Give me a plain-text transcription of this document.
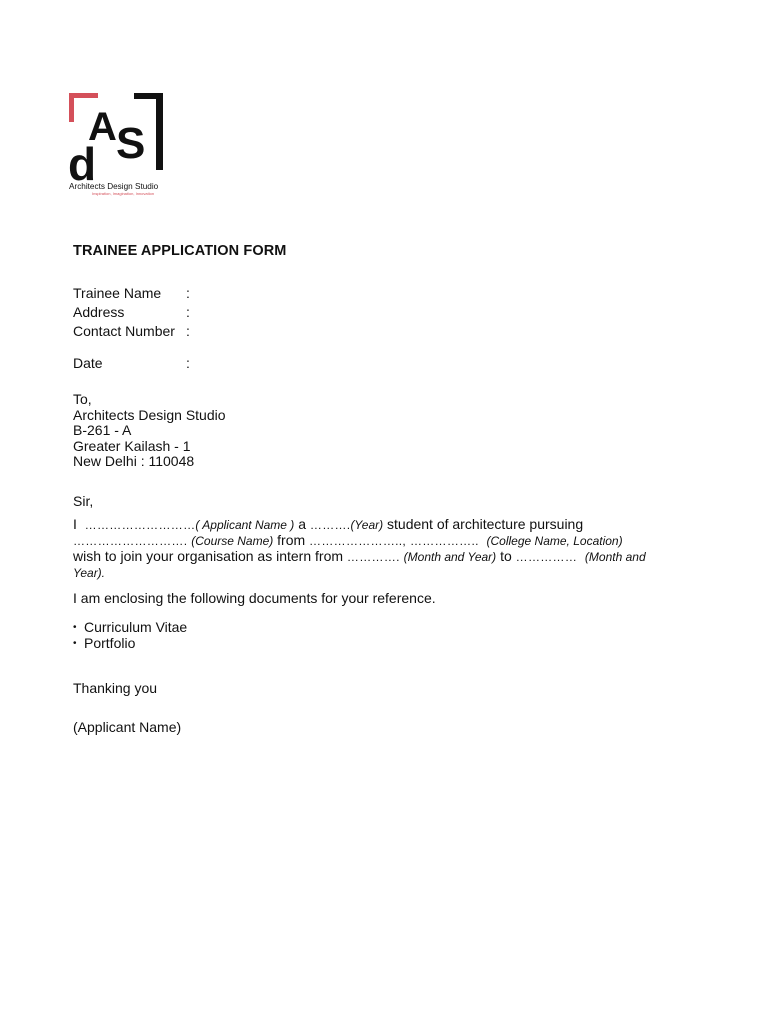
A S
d
Architects Design Studio
Inspiration, Imagination, Innovation
TRAINEE APPLICATION FORM
Trainee Name :
Address	:
Contact Number :
Date	:
To,
Architects Design Studio
B-261 - A
Greater Kailash - 1
New Delhi : 110048
Sir,
I ………………………( Applicant Name ) a ……….(Year) student of architecture pursuing
………………………. (Course Name) from ………………….., …………….. (College Name, Location)
wish to join your organisation as intern from …………. (Month and Year) to …………… (Month and
Year).
I am enclosing the following documents for your reference.
• Curriculum Vitae
• Portfolio
Thanking you
(Applicant Name)
